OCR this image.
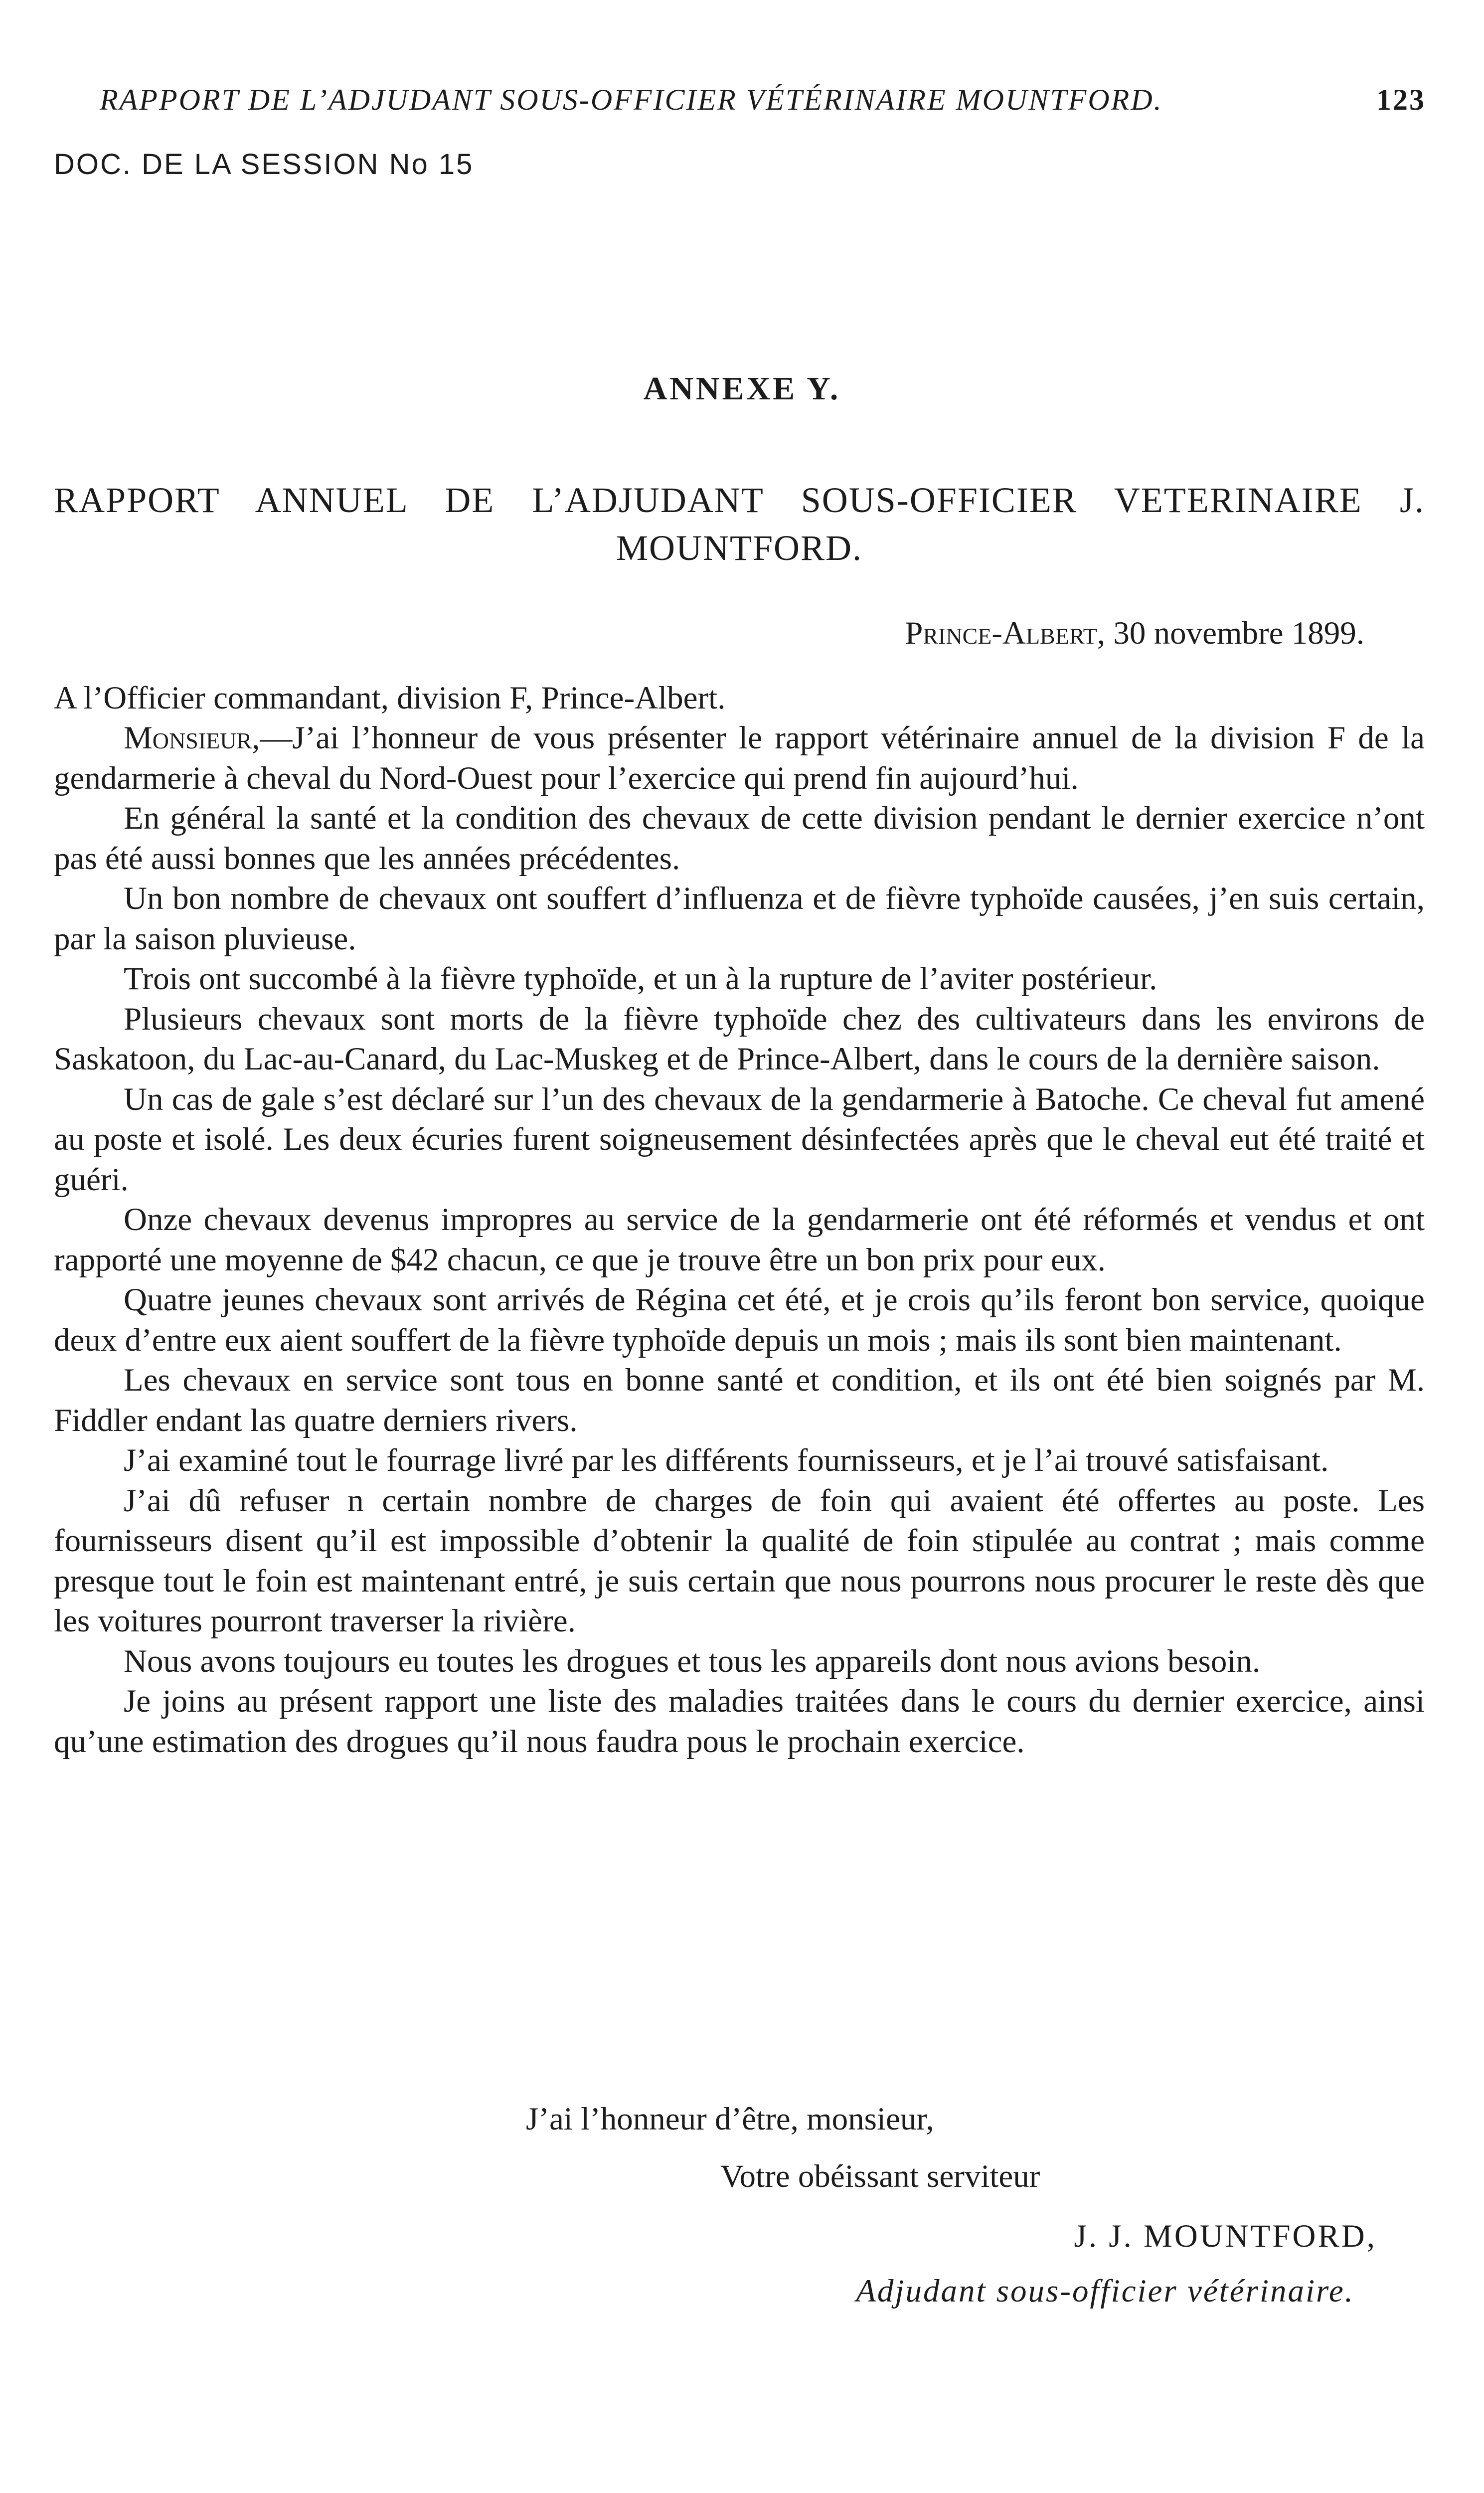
RAPPORT DE L’ADJUDANT SOUS-OFFICIER VÉTÉRINAIRE MOUNTFORD.	123
DOC. DE LA SESSION No 15
ANNEXE Y.
RAPPORT ANNUEL DE L’ADJUDANT SOUS-OFFICIER VETERINAIRE J.
MOUNTFORD.
Prince-Albert, 30 novembre 1899.
A l’Officier commandant, division F, Prince-Albert.

Monsieur,—J’ai l’honneur de vous présenter le rapport vétérinaire annuel de la division F de la gendarmerie à cheval du Nord-Ouest pour l’exercice qui prend fin aujourd’hui.

En général la santé et la condition des chevaux de cette division pendant le dernier exercice n’ont pas été aussi bonnes que les années précédentes.

Un bon nombre de chevaux ont souffert d’influenza et de fièvre typhoïde causées, j’en suis certain, par la saison pluvieuse.

Trois ont succombé à la fièvre typhoïde, et un à la rupture de l’aviter postérieur.

Plusieurs chevaux sont morts de la fièvre typhoïde chez des cultivateurs dans les environs de Saskatoon, du Lac-au-Canard, du Lac-Muskeg et de Prince-Albert, dans le cours de la dernière saison.

Un cas de gale s’est déclaré sur l’un des chevaux de la gendarmerie à Batoche. Ce cheval fut amené au poste et isolé. Les deux écuries furent soigneusement désinfectées après que le cheval eut été traité et guéri.

Onze chevaux devenus impropres au service de la gendarmerie ont été réformés et vendus et ont rapporté une moyenne de $42 chacun, ce que je trouve être un bon prix pour eux.

Quatre jeunes chevaux sont arrivés de Régina cet été, et je crois qu’ils feront bon service, quoique deux d’entre eux aient souffert de la fièvre typhoïde depuis un mois ; mais ils sont bien maintenant.

Les chevaux en service sont tous en bonne santé et condition, et ils ont été bien soignés par M. Fiddler endant las quatre derniers rivers.

J’ai examiné tout le fourrage livré par les différents fournisseurs, et je l’ai trouvé satisfaisant.

J’ai dû refuser n certain nombre de charges de foin qui avaient été offertes au poste. Les fournisseurs disent qu’il est impossible d’obtenir la qualité de foin stipulée au contrat ; mais comme presque tout le foin est maintenant entré, je suis certain que nous pourrons nous procurer le reste dès que les voitures pourront traverser la rivière.

Nous avons toujours eu toutes les drogues et tous les appareils dont nous avions besoin.

Je joins au présent rapport une liste des maladies traitées dans le cours du dernier exercice, ainsi qu’une estimation des drogues qu’il nous faudra pous le prochain exercice.

J’ai l’honneur d’être, monsieur,
Votre obéissant serviteur
J. J. MOUNTFORD,
Adjudant sous-officier vétérinaire.
